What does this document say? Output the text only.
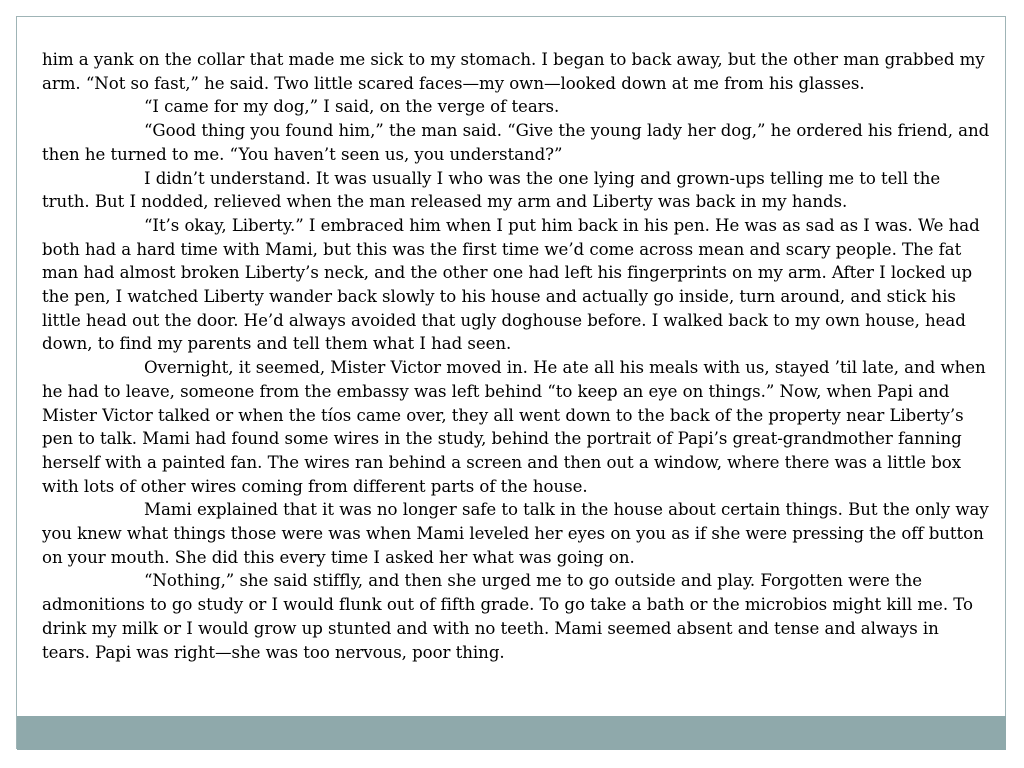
him a yank on the collar that made me sick to my stomach. I began to back away, but the other man grabbed my arm. “Not so fast,” he said. Two little scared faces—my own—looked down at me from his glasses.

“I came for my dog,” I said, on the verge of tears.

“Good thing you found him,” the man said. “Give the young lady her dog,” he ordered his friend, and then he turned to me. “You haven’t seen us, you understand?”

I didn’t understand. It was usually I who was the one lying and grown-ups telling me to tell the truth. But I nodded, relieved when the man released my arm and Liberty was back in my hands.

“It’s okay, Liberty.” I embraced him when I put him back in his pen. He was as sad as I was. We had both had a hard time with Mami, but this was the first time we’d come across mean and scary people. The fat man had almost broken Liberty’s neck, and the other one had left his fingerprints on my arm. After I locked up the pen, I watched Liberty wander back slowly to his house and actually go inside, turn around, and stick his little head out the door. He’d always avoided that ugly doghouse before. I walked back to my own house, head down, to find my parents and tell them what I had seen.

Overnight, it seemed, Mister Victor moved in. He ate all his meals with us, stayed ’til late, and when he had to leave, someone from the embassy was left behind “to keep an eye on things.” Now, when Papi and Mister Victor talked or when the tíos came over, they all went down to the back of the property near Liberty’s pen to talk. Mami had found some wires in the study, behind the portrait of Papi’s great-grandmother fanning herself with a painted fan. The wires ran behind a screen and then out a window, where there was a little box with lots of other wires coming from different parts of the house.

Mami explained that it was no longer safe to talk in the house about certain things. But the only way you knew what things those were was when Mami leveled her eyes on you as if she were pressing the off button on your mouth. She did this every time I asked her what was going on.

“Nothing,” she said stiffly, and then she urged me to go outside and play. Forgotten were the admonitions to go study or I would flunk out of fifth grade. To go take a bath or the microbios might kill me. To drink my milk or I would grow up stunted and with no teeth. Mami seemed absent and tense and always in tears. Papi was right—she was too nervous, poor thing.
